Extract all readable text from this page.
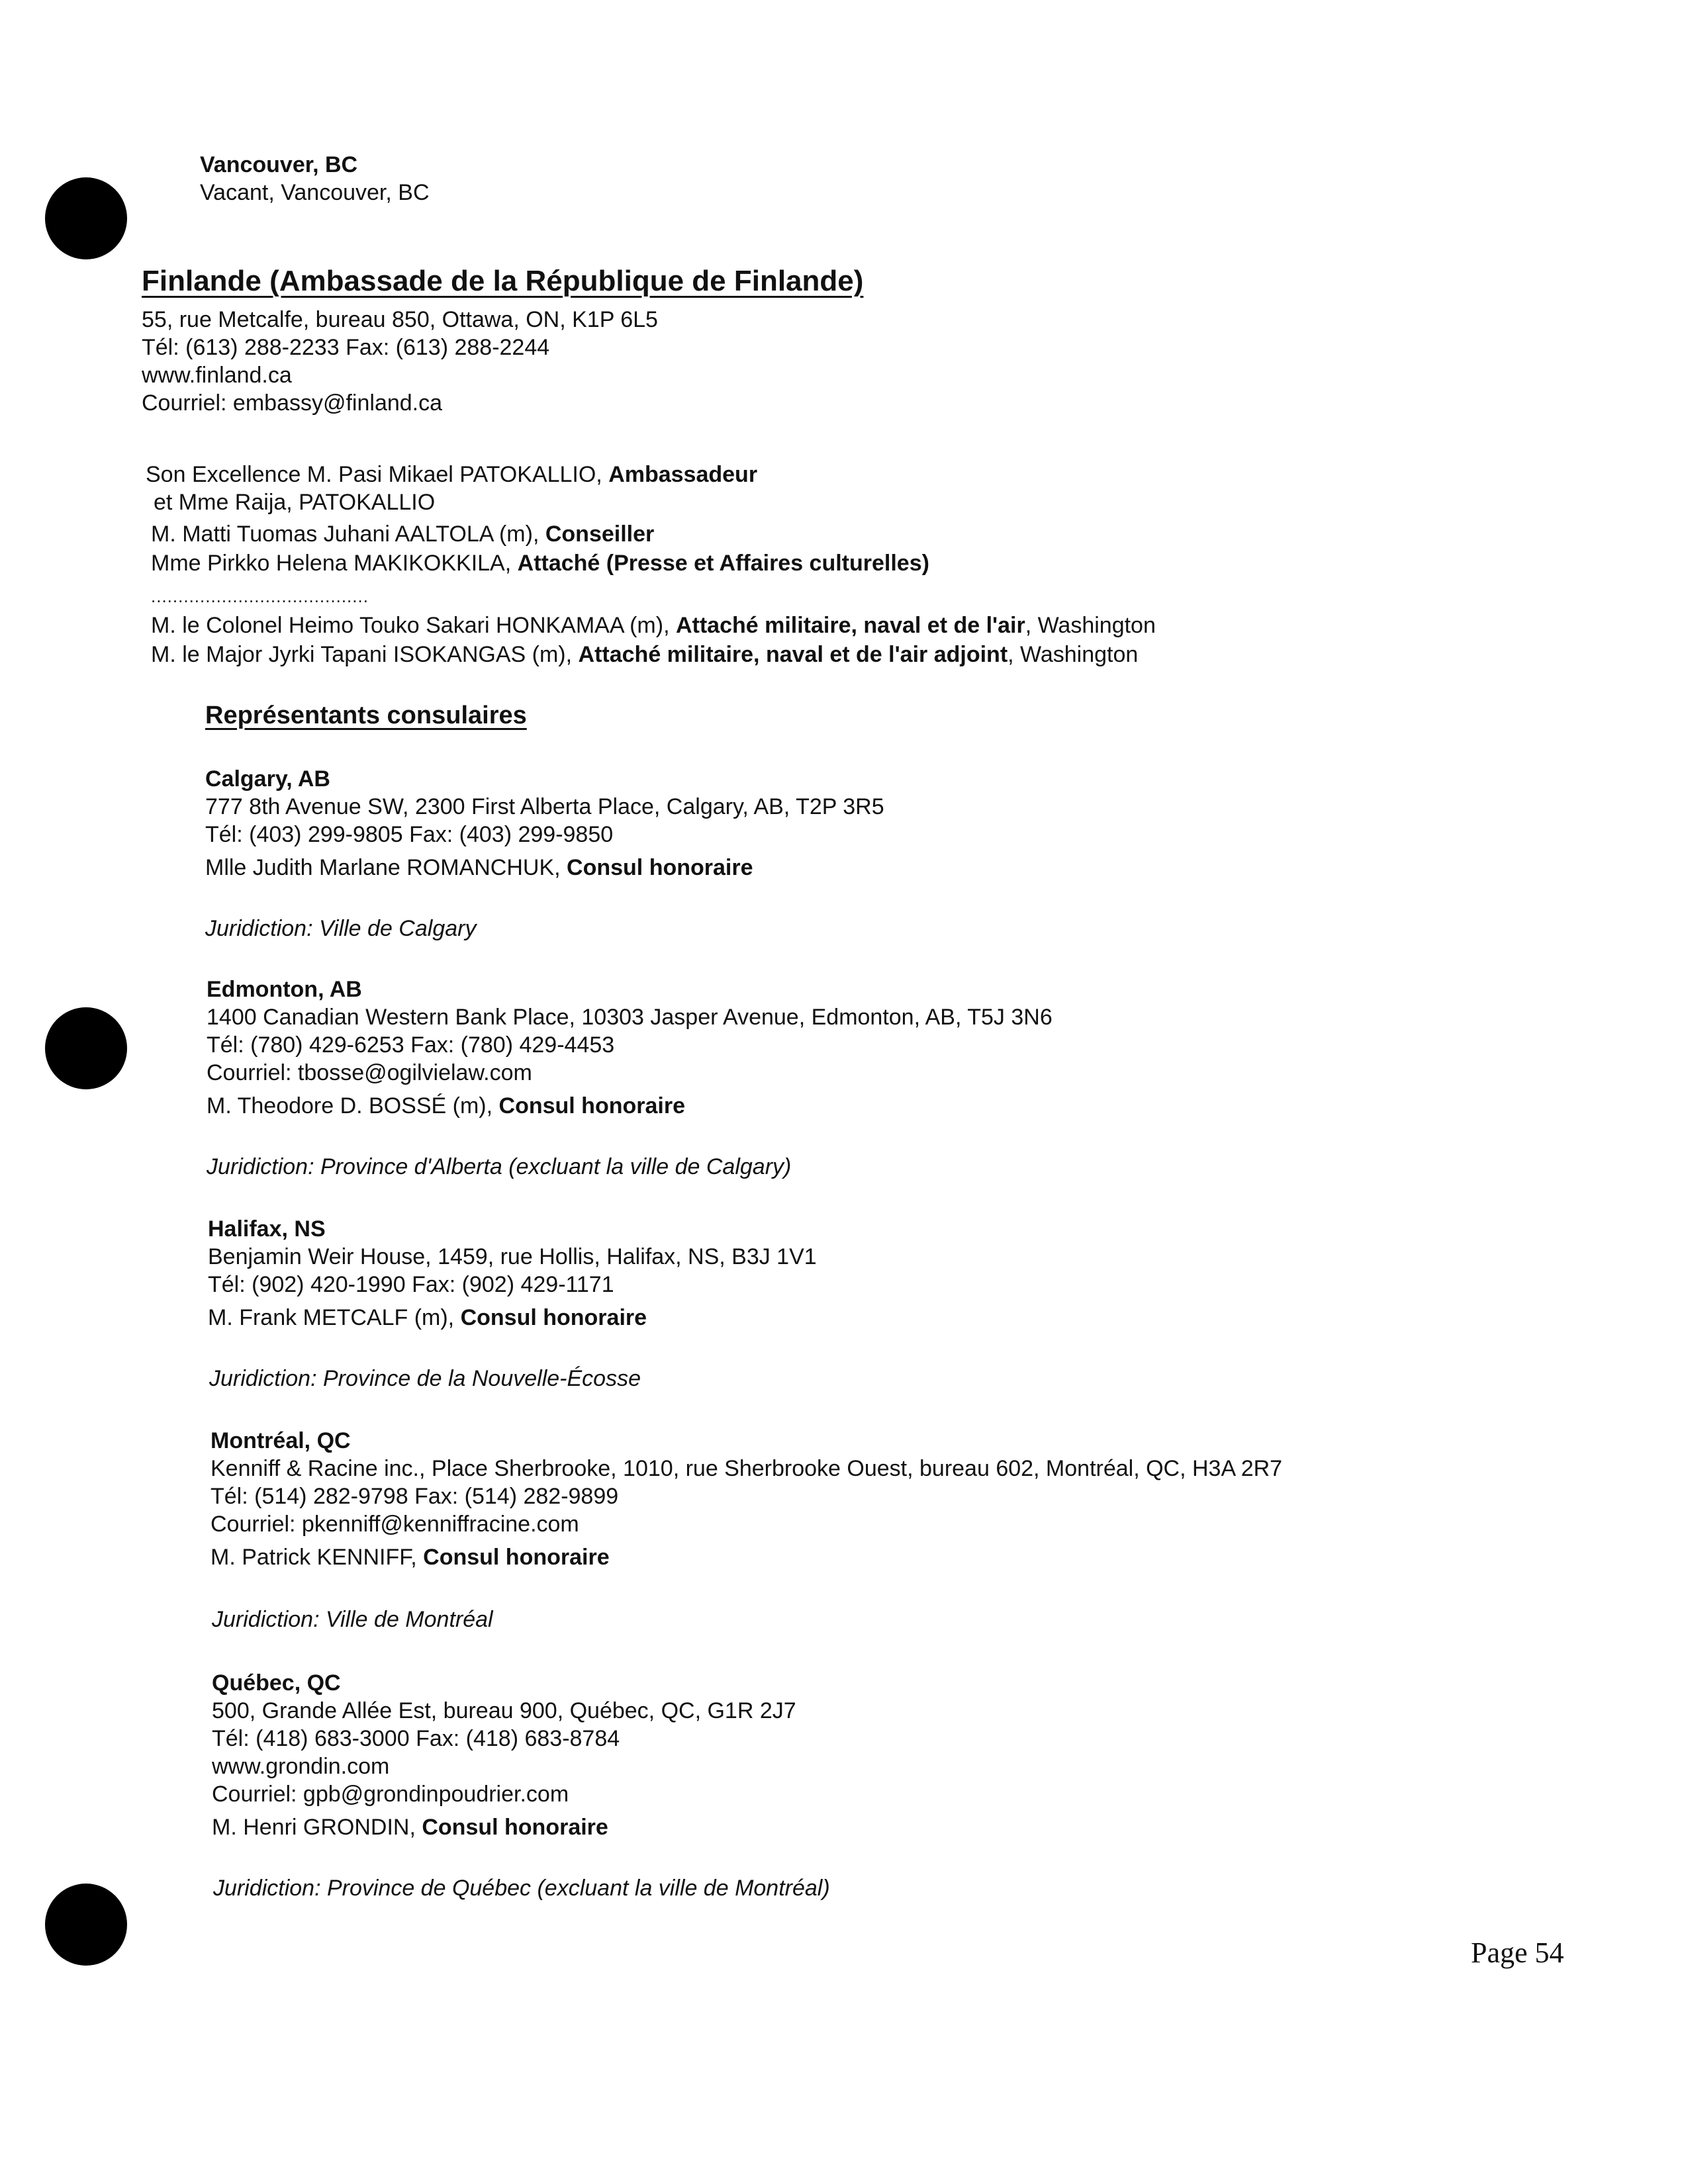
Vancouver, BC
Vacant, Vancouver, BC
Finlande (Ambassade de la République de Finlande)
55, rue Metcalfe, bureau 850, Ottawa, ON, K1P 6L5
Tél: (613) 288-2233 Fax: (613) 288-2244
www.finland.ca
Courriel: embassy@finland.ca
Son Excellence M. Pasi Mikael PATOKALLIO, Ambassadeur
et Mme Raija, PATOKALLIO
M. Matti Tuomas Juhani AALTOLA (m), Conseiller
Mme Pirkko Helena MAKIKOKKILA, Attaché (Presse et Affaires culturelles)
........................................
M. le Colonel Heimo Touko Sakari HONKAMAA (m), Attaché militaire, naval et de l'air, Washington
M. le Major Jyrki Tapani ISOKANGAS (m), Attaché militaire, naval et de l'air adjoint, Washington
Représentants consulaires
Calgary, AB
777 8th Avenue SW, 2300 First Alberta Place, Calgary, AB, T2P 3R5
Tél: (403) 299-9805 Fax: (403) 299-9850
Mlle Judith Marlane ROMANCHUK, Consul honoraire
Juridiction: Ville de Calgary
Edmonton, AB
1400 Canadian Western Bank Place, 10303 Jasper Avenue, Edmonton, AB, T5J 3N6
Tél: (780) 429-6253 Fax: (780) 429-4453
Courriel: tbosse@ogilvielaw.com
M. Theodore D. BOSSÉ (m), Consul honoraire
Juridiction: Province d'Alberta (excluant la ville de Calgary)
Halifax, NS
Benjamin Weir House, 1459, rue Hollis, Halifax, NS, B3J 1V1
Tél: (902) 420-1990 Fax: (902) 429-1171
M. Frank METCALF (m), Consul honoraire
Juridiction: Province de la Nouvelle-Écosse
Montréal, QC
Kenniff & Racine inc., Place Sherbrooke, 1010, rue Sherbrooke Ouest, bureau 602, Montréal, QC, H3A 2R7
Tél: (514) 282-9798 Fax: (514) 282-9899
Courriel: pkenniff@kenniffracine.com
M. Patrick KENNIFF, Consul honoraire
Juridiction: Ville de Montréal
Québec, QC
500, Grande Allée Est, bureau 900, Québec, QC, G1R 2J7
Tél: (418) 683-3000 Fax: (418) 683-8784
www.grondin.com
Courriel: gpb@grondinpoudrier.com
M. Henri GRONDIN, Consul honoraire
Juridiction: Province de Québec (excluant la ville de Montréal)
Page 54
